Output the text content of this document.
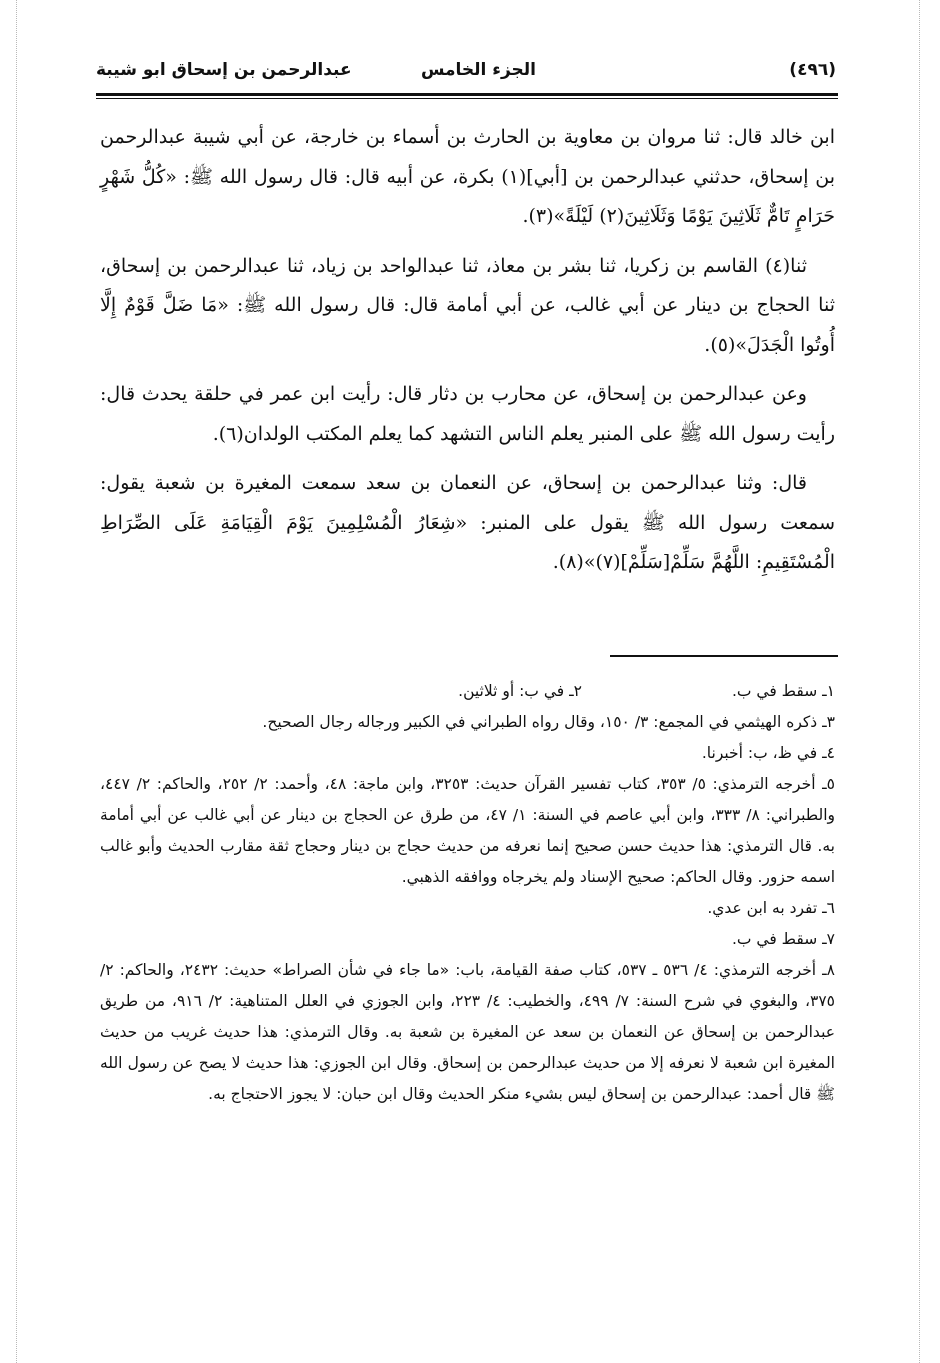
(٤٩٦)
الجزء الخامس
عبدالرحمن بن إسحاق ابو شيبة

ابن خالد قال: ثنا مروان بن معاوية بن الحارث بن أسماء بن خارجة، عن أبي شيبة عبدالرحمن بن إسحاق، حدثني عبدالرحمن بن [أبي](١) بكرة، عن أبيه قال: قال رسول الله ﷺ: «كُلُّ شَهْرٍ حَرَامٍ تَامٌّ ثَلَاثِينَ يَوْمًا وَثَلَاثِينَ(٢) لَيْلَةً»(٣).

ثنا(٤) القاسم بن زكريا، ثنا بشر بن معاذ، ثنا عبدالواحد بن زياد، ثنا عبدالرحمن بن إسحاق، ثنا الحجاج بن دينار عن أبي غالب، عن أبي أمامة قال: قال رسول الله ﷺ: «مَا ضَلَّ قَوْمٌ إِلَّا أُوتُوا الْجَدَلَ»(٥).

وعن عبدالرحمن بن إسحاق، عن محارب بن دثار قال: رأيت ابن عمر في حلقة يحدث قال: رأيت رسول الله ﷺ على المنبر يعلم الناس التشهد كما يعلم المكتب الولدان(٦).

قال: وثنا عبدالرحمن بن إسحاق، عن النعمان بن سعد سمعت المغيرة بن شعبة يقول: سمعت رسول الله ﷺ يقول على المنبر: «شِعَارُ الْمُسْلِمِينَ يَوْمَ الْقِيَامَةِ عَلَى الصِّرَاطِ الْمُسْتَقِيمِ: اللَّهُمَّ سَلِّمْ[سَلِّمْ](٧)»(٨).

١ـ سقط في ب.

٢ـ في ب: أو ثلاثين.

٣ـ ذكره الهيثمي في المجمع: ٣/ ١٥٠، وقال رواه الطبراني في الكبير ورجاله رجال الصحيح.

٤ـ في ظ، ب: أخبرنا.

٥ـ أخرجه الترمذي: ٥/ ٣٥٣، كتاب تفسير القرآن حديث: ٣٢٥٣، وابن ماجة: ٤٨، وأحمد: ٢/ ٢٥٢، والحاكم: ٢/ ٤٤٧، والطبراني: ٨/ ٣٣٣، وابن أبي عاصم في السنة: ١/ ٤٧، من طرق عن الحجاج بن دينار عن أبي غالب عن أبي أمامة به. قال الترمذي: هذا حديث حسن صحيح إنما نعرفه من حديث حجاج بن دينار وحجاج ثقة مقارب الحديث وأبو غالب اسمه حزور. وقال الحاكم: صحيح الإسناد ولم يخرجاه ووافقه الذهبي.

٦ـ تفرد به ابن عدي.

٧ـ سقط في ب.

٨ـ أخرجه الترمذي: ٤/ ٥٣٦ ـ ٥٣٧، كتاب صفة القيامة، باب: «ما جاء في شأن الصراط» حديث: ٢٤٣٢، والحاكم: ٢/ ٣٧٥، والبغوي في شرح السنة: ٧/ ٤٩٩، والخطيب: ٤/ ٢٢٣، وابن الجوزي في العلل المتناهية: ٢/ ٩١٦، من طريق عبدالرحمن بن إسحاق عن النعمان بن سعد عن المغيرة بن شعبة به. وقال الترمذي: هذا حديث غريب من حديث المغيرة ابن شعبة لا نعرفه إلا من حديث عبدالرحمن بن إسحاق. وقال ابن الجوزي: هذا حديث لا يصح عن رسول الله ﷺ قال أحمد: عبدالرحمن بن إسحاق ليس بشيء منكر الحديث وقال ابن حبان: لا يجوز الاحتجاج به.
